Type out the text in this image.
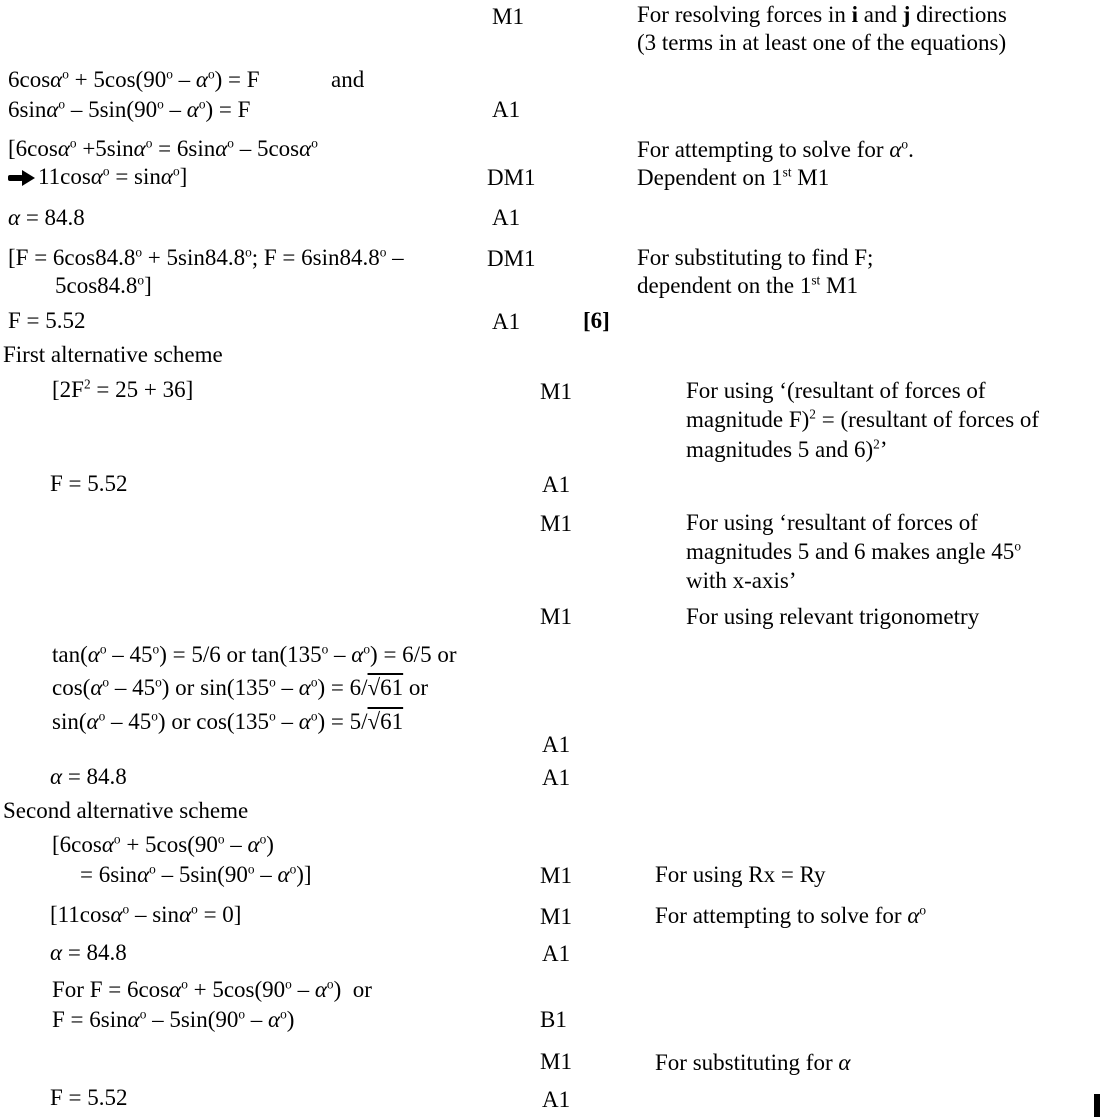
M1	For resolving forces in i and j directions
(3 terms in at least one of the equations)
$6\cos\alpha^o + 5\cos(90^o - \alpha^o) = F$	and
$6\sin\alpha^o - 5\sin(90^o - \alpha^o) = F$	A1
[6cosα$^o$ +5sinα$^o$ = 6sinα$^o$ – 5cosα$^o$
11cosα$^o$ = sinα$^o$]	DM1
For attempting to solve for $\alpha^o$.
Dependent on 1st M1
α = 84.8	A1
[$F = 6\cos 84.8^o + 5\sin 84.8^o$; $F = 6\sin 84.8^o$ –
5cos84.8$^o$]
DM1	For substituting to find F;
dependent on the 1st M1
F = 5.52	A1	[6]
First alternative scheme
$[2F^2 = 25 + 36]$	M1	For using ‘(resultant of forces of
magnitude F)$^2$ = (resultant of forces of
magnitudes 5 and 6)$^2$’
F = 5.52	A1
M1	For using ‘resultant of forces of
magnitudes 5 and 6 makes angle 45$^o$
with x-axis’
M1	For using relevant trigonometry
$\tan(\alpha^o - 45^o) = 5/6$ or $\tan(135^o - \alpha^o) = 6/5$ or
$\cos(\alpha^o - 45^o)$ or $\sin(135^o - \alpha^o) = 6/√61$ or
$\sin(\alpha^o - 45^o)$ or $\cos(135^o - \alpha^o) = 5/√61$
A1
α = 84.8	A1
Second alternative scheme
[$6\cos\alpha^o + 5\cos(90^o - \alpha^o)$
= $6\sin\alpha^o - 5\sin(90^o - \alpha^o)$]	M1	For using Rx = Ry
[11cosα$^o$ – sinα$^o$ = 0]	M1	For attempting to solve for $\alpha^o$
α = 84.8	A1
For $F = 6\cos\alpha^o + 5\cos(90^o - \alpha^o)$  or
$F = 6\sin\alpha^o - 5\sin(90^o - \alpha^o)$	B1
M1	For substituting for α
F = 5.52	A1
